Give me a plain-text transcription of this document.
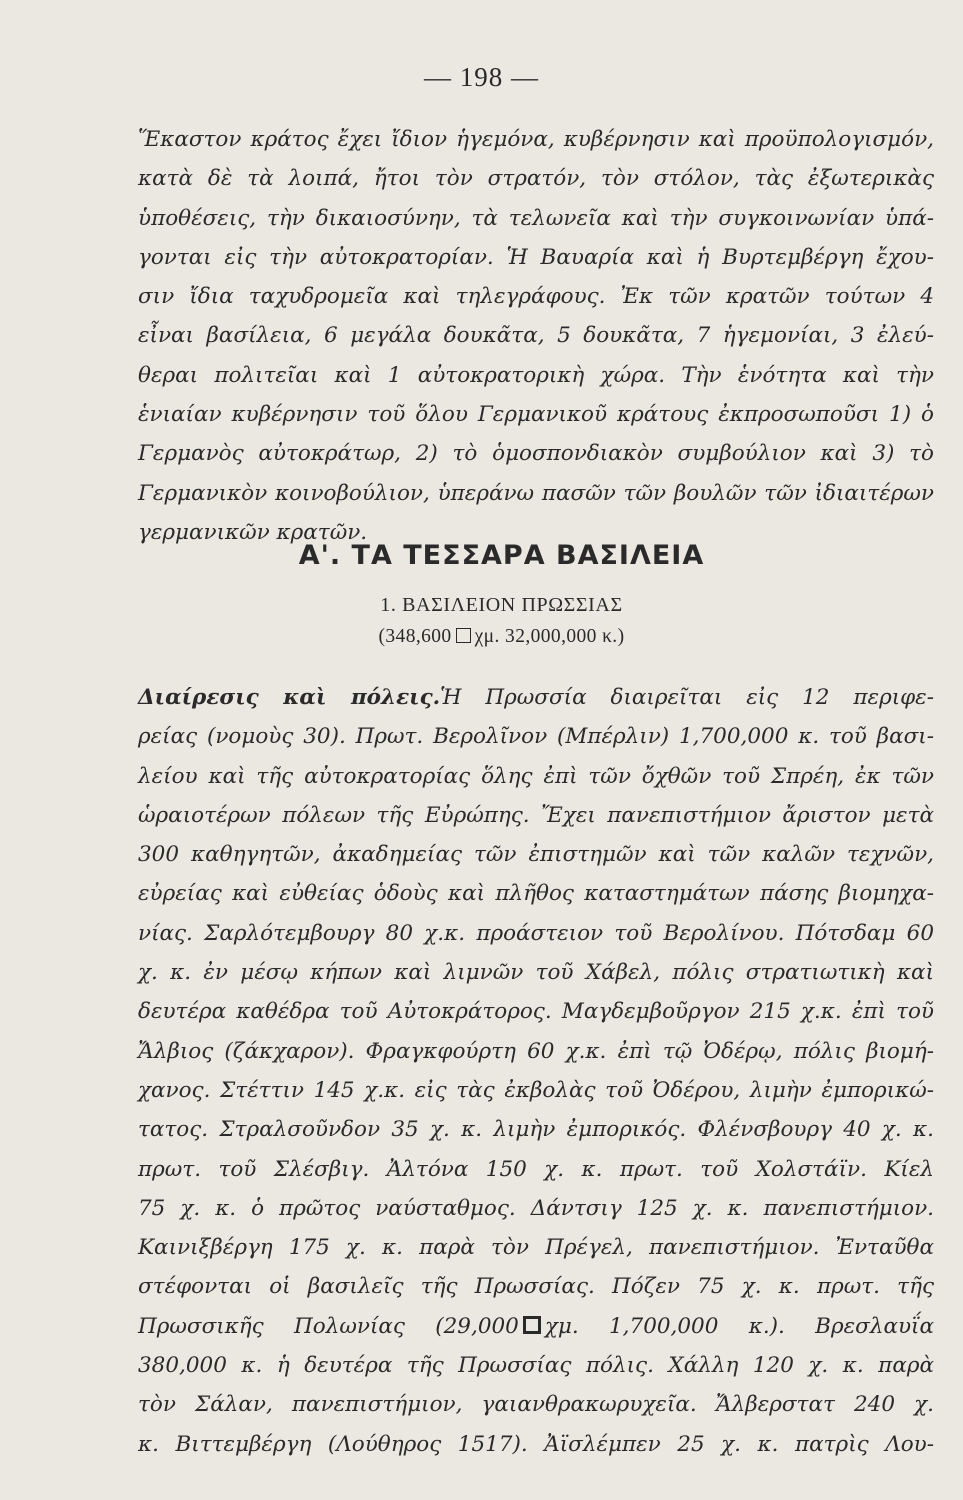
— 198 —
Ἕκαστον κράτος ἔχει ἴδιον ἡγεμόνα, κυβέρνησιν καὶ προϋπολογισμόν,
κατὰ δὲ τὰ λοιπά, ἤτοι τὸν στρατόν, τὸν στόλον, τὰς ἐξωτερικὰς
ὑποθέσεις, τὴν δικαιοσύνην, τὰ τελωνεῖα καὶ τὴν συγκοινωνίαν ὑπά-
γονται εἰς τὴν αὐτοκρατορίαν. Ἡ Βαυαρία καὶ ἡ Βυρτεμβέργη ἔχου-
σιν ἴδια ταχυδρομεῖα καὶ τηλεγράφους. Ἐκ τῶν κρατῶν τούτων 4
εἶναι βασίλεια, 6 μεγάλα δουκᾶτα, 5 δουκᾶτα, 7 ἡγεμονίαι, 3 ἐλεύ-
θεραι πολιτεῖαι καὶ 1 αὐτοκρατορικὴ χώρα. Τὴν ἑνότητα καὶ τὴν
ἑνιαίαν κυβέρνησιν τοῦ ὅλου Γερμανικοῦ κράτους ἐκπροσωποῦσι 1) ὁ
Γερμανὸς αὐτοκράτωρ, 2) τὸ ὁμοσπονδιακὸν συμβούλιον καὶ 3) τὸ
Γερμανικὸν κοινοβούλιον, ὑπεράνω πασῶν τῶν βουλῶν τῶν ἰδιαιτέρων
γερμανικῶν κρατῶν.
Α'. ΤΑ ΤΕΣΣΑΡΑ ΒΑΣΙΛΕΙΑ
1. ΒΑΣΙΛΕΙΟΝ ΠΡΩΣΣΙΑΣ
(348,600 χμ. 32,000,000 κ.)
Διαίρεσις καὶ πόλεις.Ἡ Πρωσσία διαιρεῖται εἰς 12 περιφε-
ρείας (νομοὺς 30). Πρωτ. Βερολῖνον (Μπέρλιν) 1,700,000 κ. τοῦ βασι-
λείου καὶ τῆς αὐτοκρατορίας ὅλης ἐπὶ τῶν ὄχθῶν τοῦ Σπρέη, ἐκ τῶν
ὡραιοτέρων πόλεων τῆς Εὐρώπης. Ἔχει πανεπιστήμιον ἄριστον μετὰ
300 καθηγητῶν, ἀκαδημείας τῶν ἐπιστημῶν καὶ τῶν καλῶν τεχνῶν,
εὐρείας καὶ εὐθείας ὁδοὺς καὶ πλῆθος καταστημάτων πάσης βιομηχα-
νίας. Σαρλότεμβουργ 80 χ.κ. προάστειον τοῦ Βερολίνου. Πότσδαμ 60
χ. κ. ἐν μέσῳ κήπων καὶ λιμνῶν τοῦ Χάβελ, πόλις στρατιωτικὴ καὶ
δευτέρα καθέδρα τοῦ Αὐτοκράτορος. Μαγδεμβοῦργον 215 χ.κ. ἐπὶ τοῦ
Ἄλβιος (ζάκχαρον). Φραγκφούρτη 60 χ.κ. ἐπὶ τῷ Ὀδέρῳ, πόλις βιομή-
χανος. Στέττιν 145 χ.κ. εἰς τὰς ἐκβολὰς τοῦ Ὀδέρου, λιμὴν ἐμπορικώ-
τατος. Στραλσοῦνδον 35 χ. κ. λιμὴν ἐμπορικός. Φλένσβουργ 40 χ. κ.
πρωτ. τοῦ Σλέσβιγ. Ἀλτόνα 150 χ. κ. πρωτ. τοῦ Χολστάϊν. Κίελ
75 χ. κ. ὁ πρῶτος ναύσταθμος. Δάντσιγ 125 χ. κ. πανεπιστήμιον.
Καινιξβέργη 175 χ. κ. παρὰ τὸν Πρέγελ, πανεπιστήμιον. Ἐνταῦθα
στέφονται οἱ βασιλεῖς τῆς Πρωσσίας. Πόζεν 75 χ. κ. πρωτ. τῆς
Πρωσσικῆς Πολωνίας (29,000 χμ. 1,700,000 κ.). Βρεσλαυΐα
380,000 κ. ἡ δευτέρα τῆς Πρωσσίας πόλις. Χάλλη 120 χ. κ. παρὰ
τὸν Σάλαν, πανεπιστήμιον, γαιανθρακωρυχεῖα. Ἄλβερστατ 240 χ.
κ. Βιττεμβέργη (Λούθηρος 1517). Ἀϊσλέμπεν 25 χ. κ. πατρὶς Λου-
